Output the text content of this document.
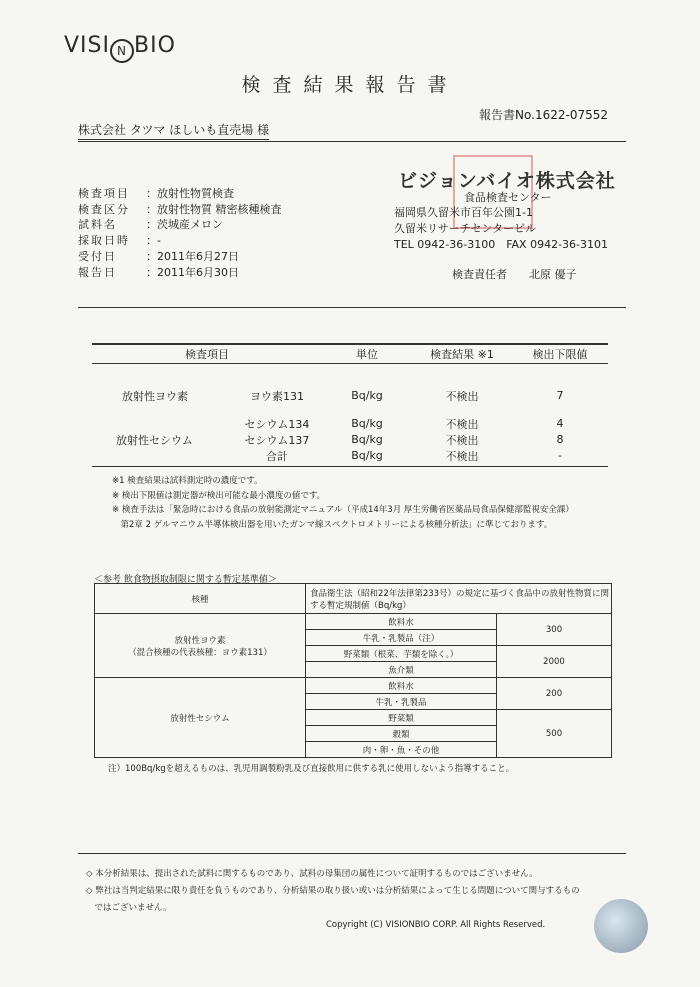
VISI N BIO
検査結果報告書
報告書No.1622-07552
株式会社 タツマ ほしいも直売場 様
検査項目	：放射性物質検査
検査区分	：放射性物質 精密核種検査
試料名	：茨城産メロン
採取日時	：-
受付日	：2011年6月27日
報告日	：2011年6月30日
ビジョンバイオ株式会社
食品検査センター
福岡県久留米市百年公園1-1
久留米リサーチセンタービル
TEL 0942-36-3100　FAX 0942-36-3101
検査責任者　　北原 優子
検査項目		単位	検査結果 ※1	検出下限値

放射性ヨウ素	ヨウ素131	Bq/kg	不検出	7

	セシウム134	Bq/kg	不検出	4
放射性セシウム	セシウム137	Bq/kg	不検出	8
	合計	Bq/kg	不検出	-
※1 検査結果は試料測定時の濃度です。
※ 検出下限値は測定器が検出可能な最小濃度の値です。
※ 検査手法は「緊急時における食品の放射能測定マニュアル（平成14年3月 厚生労働省医薬品局食品保健部監視安全課）
　第2章 2 ゲルマニウム半導体検出器を用いたガンマ線スペクトロメトリーによる核種分析法」に準じております。
＜参考 飲食物摂取制限に関する暫定基準値＞
核種	食品衛生法（昭和22年法律第233号）の規定に基づく食品中の放射性物質に関する暫定規制値（Bq/kg）	

放射性ヨウ素
（混合核種の代表核種：ヨウ素131）	飲料水	300
	牛乳・乳製品（注）	
	野菜類（根菜、芋類を除く。）	2000
	魚介類	
放射性セシウム	飲料水	200
	牛乳・乳製品	
	野菜類	500
	穀類	
	肉・卵・魚・その他	
注）100Bq/kgを超えるものは、乳児用調製粉乳及び直接飲用に供する乳に使用しないよう指導すること。
◇ 本分析結果は、提出された試料に関するものであり、試料の母集団の属性について証明するものではございません。
◇ 弊社は当判定結果に限り責任を負うものであり、分析結果の取り扱い或いは分析結果によって生じる問題について関与するもの
　ではございません。
Copyright (C) VISIONBIO CORP. All Rights Reserved.
